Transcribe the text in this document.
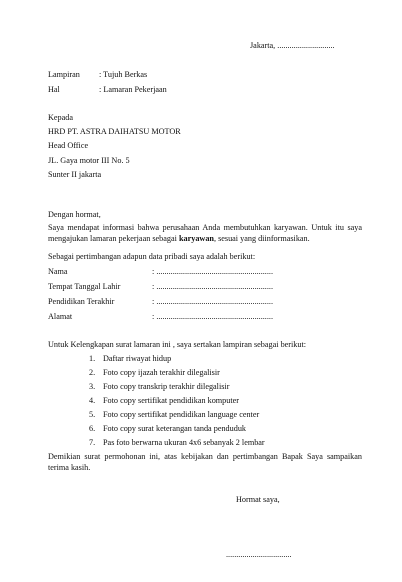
Jakarta, ............................
Lampiran : Tujuh Berkas
Hal	: Lamaran Pekerjaan
Kepada
HRD PT. ASTRA DAIHATSU MOTOR
Head Office
JL. Gaya motor III No. 5
Sunter II jakarta
Dengan hormat,
Saya mendapat informasi bahwa perusahaan Anda membutuhkan karyawan. Untuk itu saya mengajukan lamaran pekerjaan sebagai karyawan, sesuai yang diinformasikan.
Sebagai pertimbangan adapun data pribadi saya adalah berikut:
Nama	: .........................................................
Tempat Tanggal Lahir	: .........................................................
Pendidikan Terakhir	: .........................................................
Alamat	: .........................................................
Untuk Kelengkapan surat lamaran ini , saya sertakan lampiran sebagai berikut:
1. Daftar riwayat hidup
2. Foto copy ijazah terakhir dilegalisir
3. Foto copy transkrip terakhir dilegalisir
4. Foto copy sertifikat pendidikan komputer
5. Foto copy sertifikat pendidikan language center
6. Foto copy surat keterangan tanda penduduk
7. Pas foto berwarna ukuran 4x6 sebanyak 2 lembar
Demikian surat permohonan ini, atas kebijakan dan pertimbangan Bapak Saya sampaikan terima kasih.
Hormat saya,
................................
